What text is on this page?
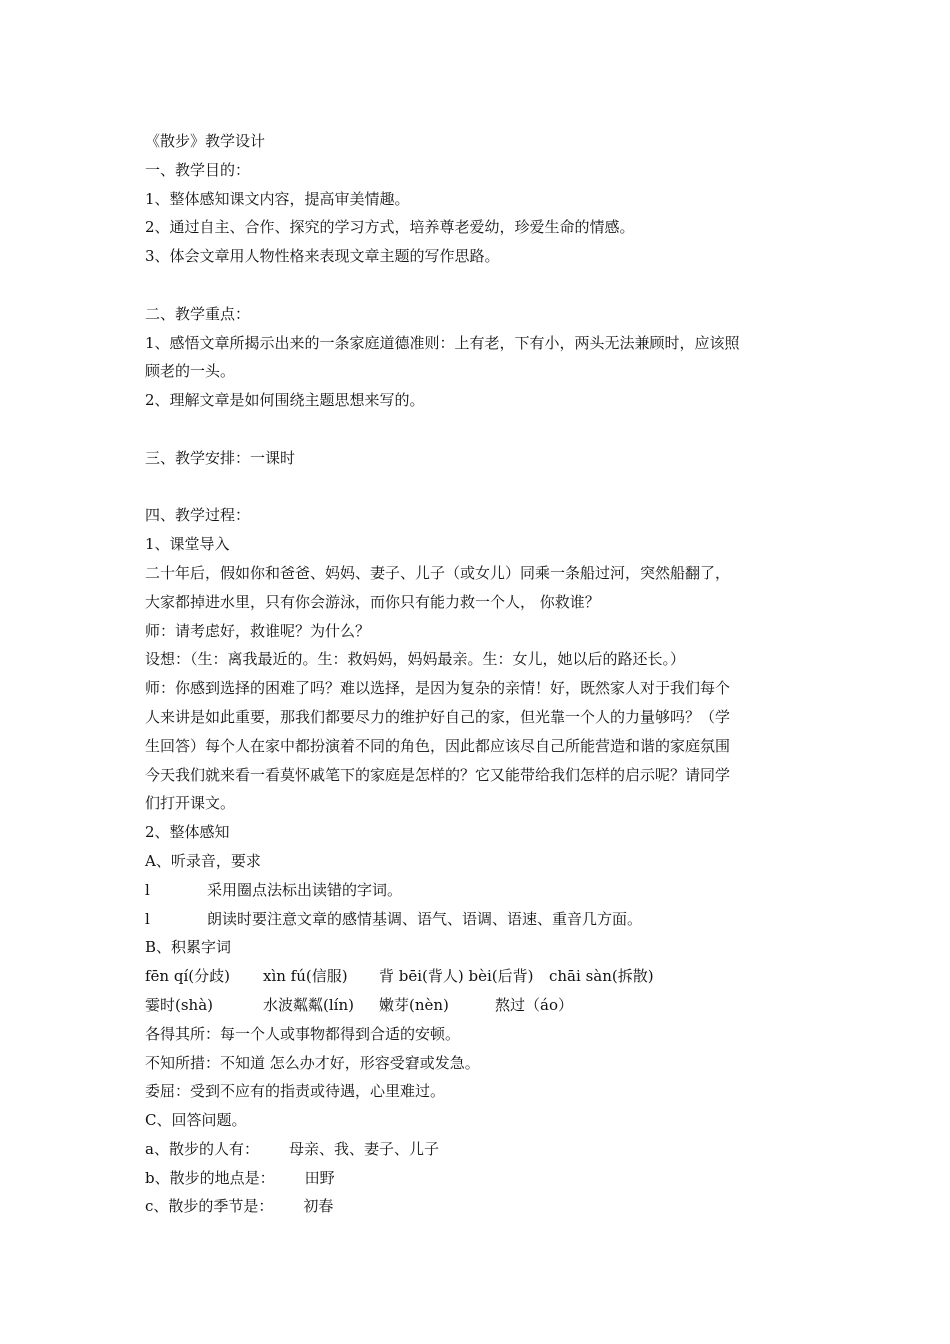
《散步》教学设计
一、教学目的：
1、整体感知课文内容，提高审美情趣。
2、通过自主、合作、探究的学习方式，培养尊老爱幼，珍爱生命的情感。
3、体会文章用人物性格来表现文章主题的写作思路。
二、教学重点：
1、感悟文章所揭示出来的一条家庭道德准则：上有老，下有小，两头无法兼顾时，应该照
顾老的一头。
2、理解文章是如何围绕主题思想来写的。
三、教学安排：一课时
四、教学过程：
1、课堂导入
二十年后，假如你和爸爸、妈妈、妻子、儿子（或女儿）同乘一条船过河，突然船翻了，
大家都掉进水里，只有你会游泳，而你只有能力救一个人， 你救谁？
师：请考虑好，救谁呢？为什么？
设想：（生：离我最近的。生：救妈妈，妈妈最亲。生：女儿，她以后的路还长。）
师：你感到选择的困难了吗？难以选择，是因为复杂的亲情！好，既然家人对于我们每个
人来讲是如此重要，那我们都要尽力的维护好自己的家，但光靠一个人的力量够吗？（学
生回答）每个人在家中都扮演着不同的角色，因此都应该尽自己所能营造和谐的家庭氛围
今天我们就来看一看莫怀戚笔下的家庭是怎样的？它又能带给我们怎样的启示呢？请同学
们打开课文。
2、整体感知
A、听录音，要求
l	采用圈点法标出读错的字词。
l	朗读时要注意文章的感情基调、语气、语调、语速、重音几方面。
B、积累字词
fēn qí(分歧) xìn fú(信服) 背 bēi(背人) bèi(后背) chāi sàn(拆散)
霎时(shà)	水波粼粼(lín) 嫩芽(nèn)	熬过（áo）
各得其所：每一个人或事物都得到合适的安顿。
不知所措：不知道 怎么办才好，形容受窘或发急。
委屈：受到不应有的指责或待遇，心里难过。
C、回答问题。
a、散步的人有： 母亲、我、妻子、儿子
b、散步的地点是： 田野
c、散步的季节是： 初春
